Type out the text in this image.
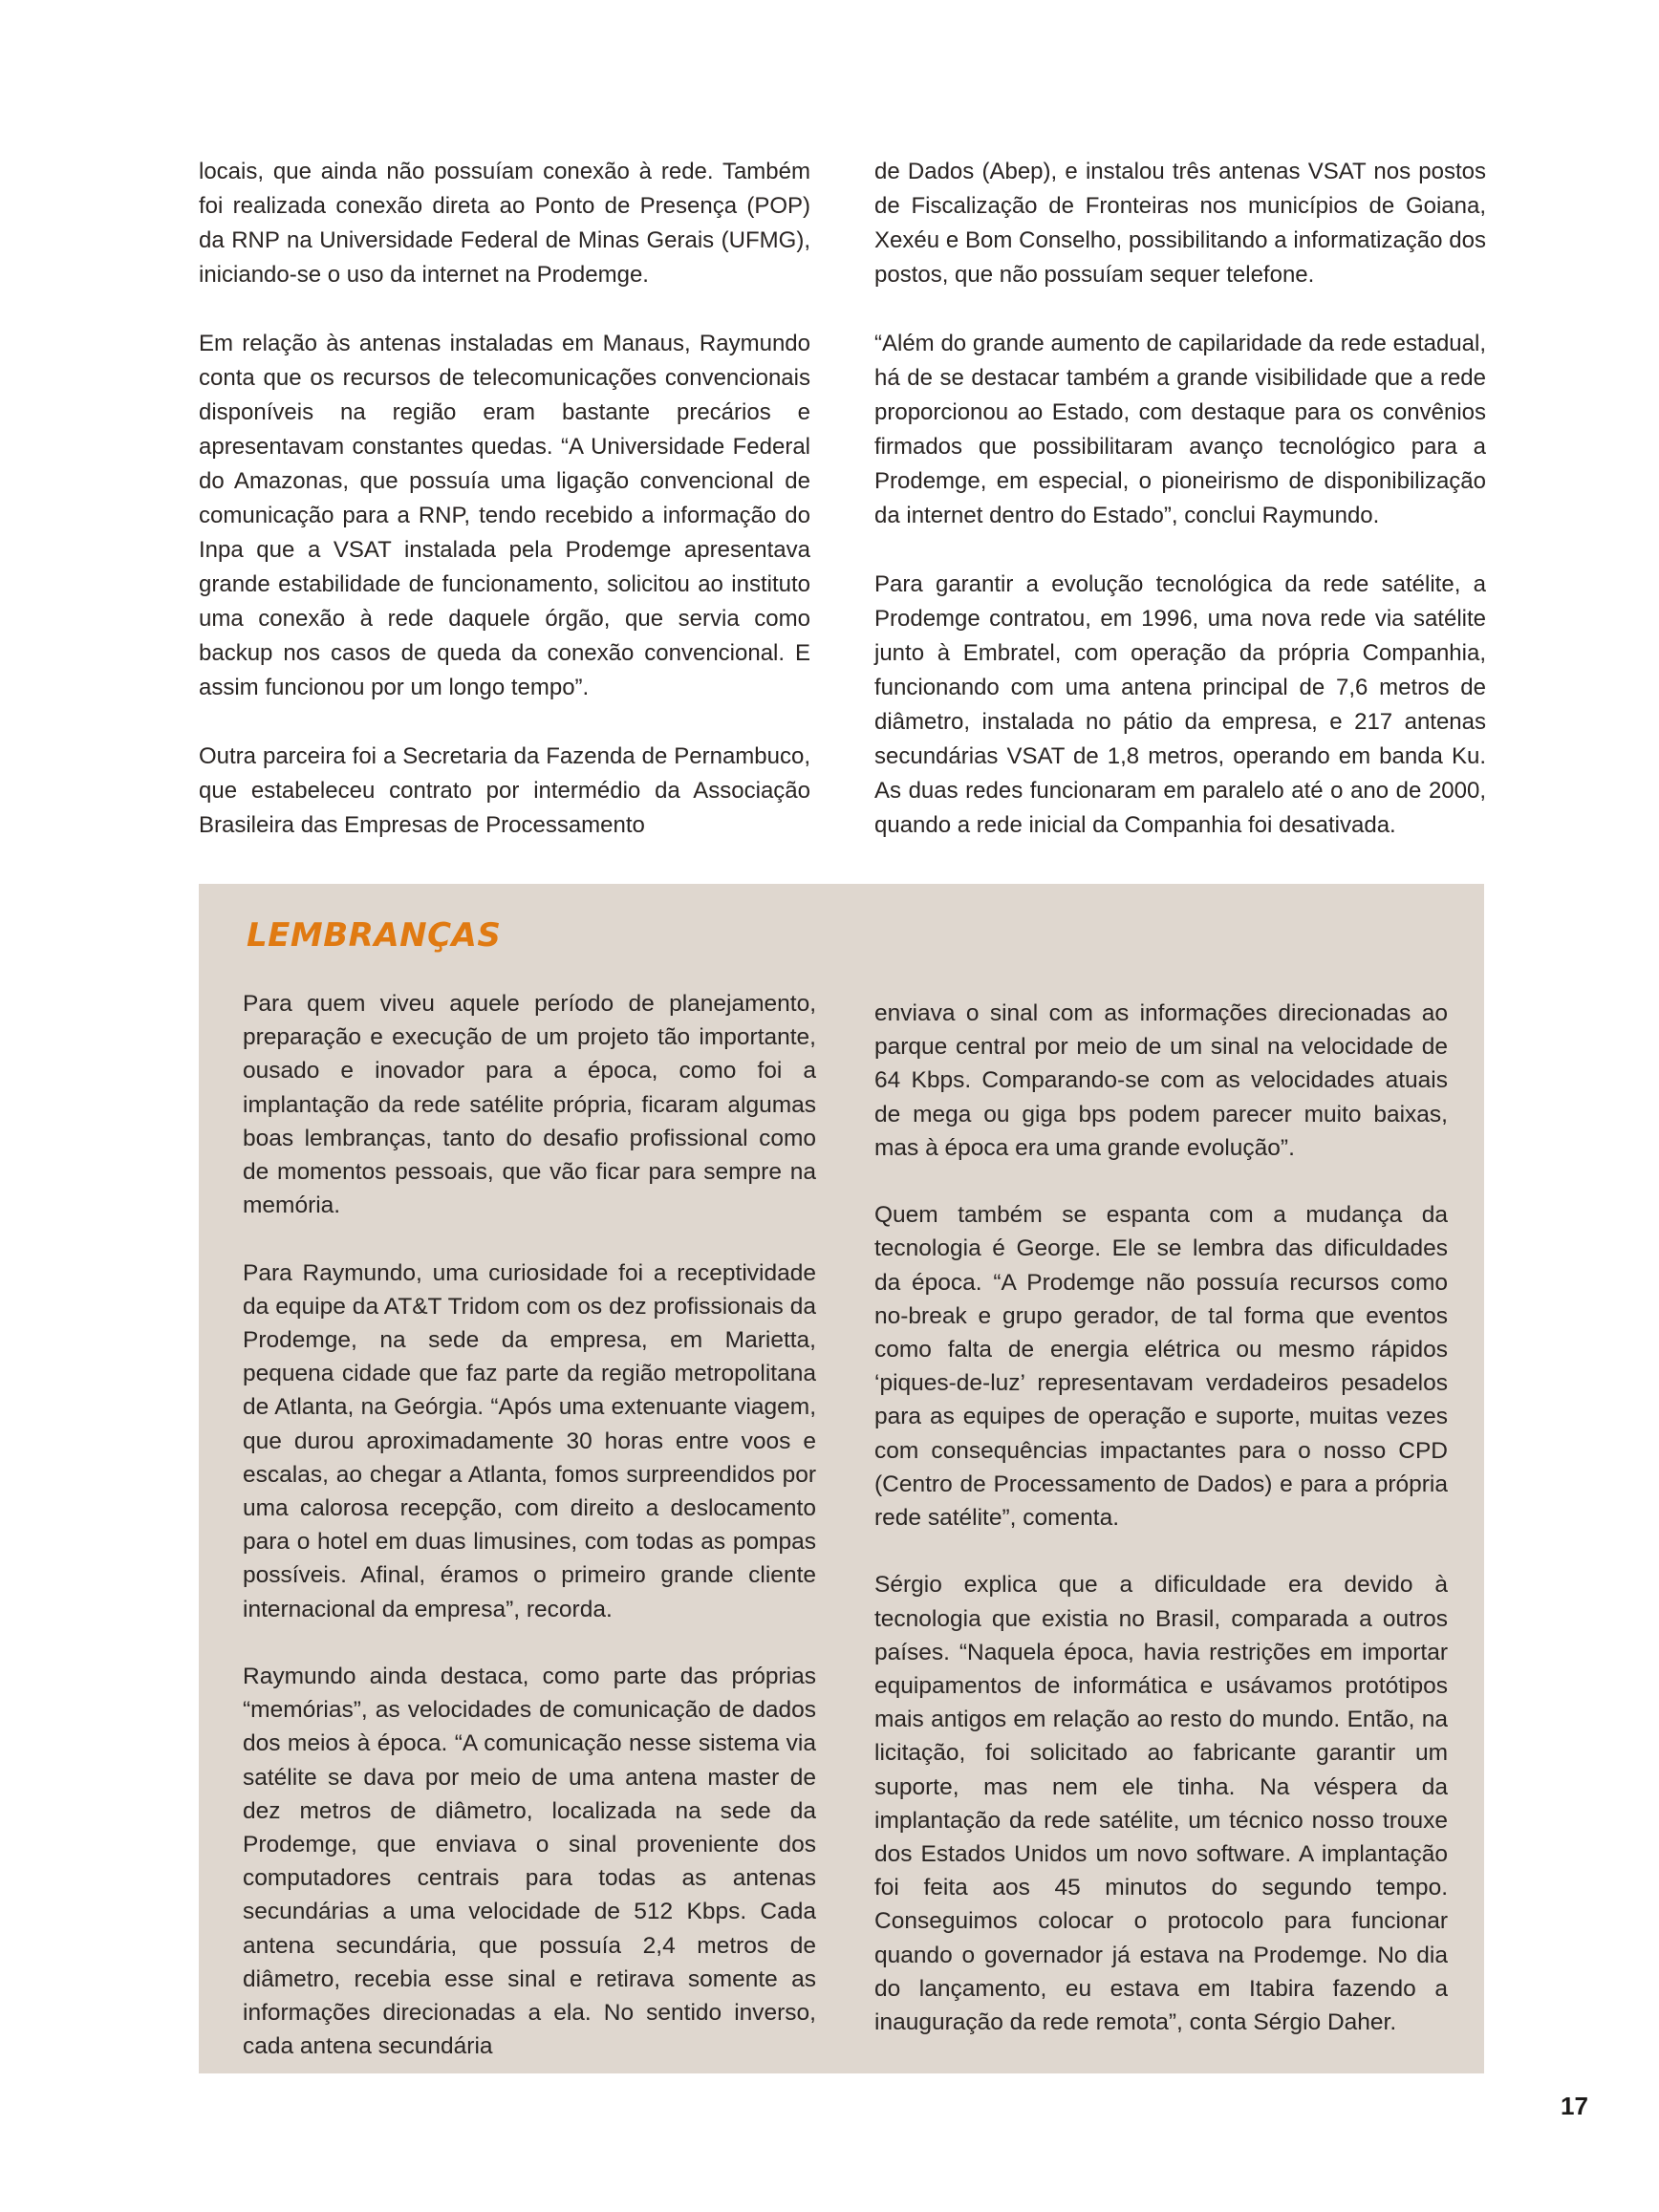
locais, que ainda não possuíam conexão à rede. Também foi realizada conexão direta ao Ponto de Presença (POP) da RNP na Universidade Federal de Minas Gerais (UFMG), iniciando-se o uso da internet na Prodemge.

Em relação às antenas instaladas em Manaus, Raymundo conta que os recursos de telecomunicações convencionais disponíveis na região eram bastante precários e apresentavam constantes quedas. “A Universidade Federal do Amazonas, que possuía uma ligação convencional de comunicação para a RNP, tendo recebido a informação do Inpa que a VSAT instalada pela Prodemge apresentava grande estabilidade de funcionamento, solicitou ao instituto uma conexão à rede daquele órgão, que servia como backup nos casos de queda da conexão convencional. E assim funcionou por um longo tempo”.

Outra parceira foi a Secretaria da Fazenda de Pernambuco, que estabeleceu contrato por intermédio da Associação Brasileira das Empresas de Processamento

de Dados (Abep), e instalou três antenas VSAT nos postos de Fiscalização de Fronteiras nos municípios de Goiana, Xexéu e Bom Conselho, possibilitando a informatização dos postos, que não possuíam sequer telefone.

“Além do grande aumento de capilaridade da rede estadual, há de se destacar também a grande visibilidade que a rede proporcionou ao Estado, com destaque para os convênios firmados que possibilitaram avanço tecnológico para a Prodemge, em especial, o pioneirismo de disponibilização da internet dentro do Estado”, conclui Raymundo.

Para garantir a evolução tecnológica da rede satélite, a Prodemge contratou, em 1996, uma nova rede via satélite junto à Embratel, com operação da própria Companhia, funcionando com uma antena principal de 7,6 metros de diâmetro, instalada no pátio da empresa, e 217 antenas secundárias VSAT de 1,8 metros, operando em banda Ku. As duas redes funcionaram em paralelo até o ano de 2000, quando a rede inicial da Companhia foi desativada.

LEMBRANÇAS

Para quem viveu aquele período de planejamento, preparação e execução de um projeto tão importante, ousado e inovador para a época, como foi a implantação da rede satélite própria, ficaram algumas boas lembranças, tanto do desafio profissional como de momentos pessoais, que vão ficar para sempre na memória.

Para Raymundo, uma curiosidade foi a receptividade da equipe da AT&T Tridom com os dez profissionais da Prodemge, na sede da empresa, em Marietta, pequena cidade que faz parte da região metropolitana de Atlanta, na Geórgia. “Após uma extenuante viagem, que durou aproximadamente 30 horas entre voos e escalas, ao chegar a Atlanta, fomos surpreendidos por uma calorosa recepção, com direito a deslocamento para o hotel em duas limusines, com todas as pompas possíveis. Afinal, éramos o primeiro grande cliente internacional da empresa”, recorda.

Raymundo ainda destaca, como parte das próprias “memórias”, as velocidades de comunicação de dados dos meios à época. “A comunicação nesse sistema via satélite se dava por meio de uma antena master de dez metros de diâmetro, localizada na sede da Prodemge, que enviava o sinal proveniente dos computadores centrais para todas as antenas secundárias a uma velocidade de 512 Kbps. Cada antena secundária, que possuía 2,4 metros de diâmetro, recebia esse sinal e retirava somente as informações direcionadas a ela. No sentido inverso, cada antena secundária

enviava o sinal com as informações direcionadas ao parque central por meio de um sinal na velocidade de 64 Kbps. Comparando-se com as velocidades atuais de mega ou giga bps podem parecer muito baixas, mas à época era uma grande evolução”.

Quem também se espanta com a mudança da tecnologia é George. Ele se lembra das dificuldades da época. “A Prodemge não possuía recursos como no-break e grupo gerador, de tal forma que eventos como falta de energia elétrica ou mesmo rápidos ‘piques-de-luz’ representavam verdadeiros pesadelos para as equipes de operação e suporte, muitas vezes com consequências impactantes para o nosso CPD (Centro de Processamento de Dados) e para a própria rede satélite”, comenta.

Sérgio explica que a dificuldade era devido à tecnologia que existia no Brasil, comparada a outros países. “Naquela época, havia restrições em importar equipamentos de informática e usávamos protótipos mais antigos em relação ao resto do mundo. Então, na licitação, foi solicitado ao fabricante garantir um suporte, mas nem ele tinha. Na véspera da implantação da rede satélite, um técnico nosso trouxe dos Estados Unidos um novo software. A implantação foi feita aos 45 minutos do segundo tempo. Conseguimos colocar o protocolo para funcionar quando o governador já estava na Prodemge. No dia do lançamento, eu estava em Itabira fazendo a inauguração da rede remota”, conta Sérgio Daher.

17
